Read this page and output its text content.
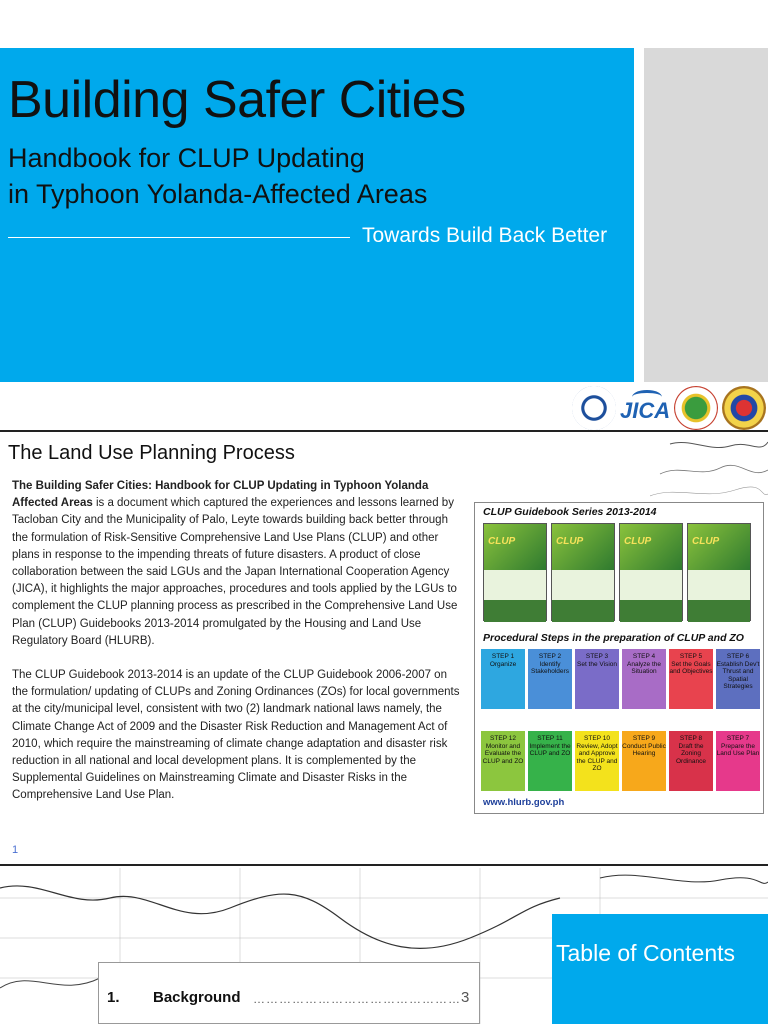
Building Safer Cities
Handbook for CLUP Updating
in Typhoon Yolanda-Affected Areas
Towards Build Back Better
JICA
The Land Use Planning Process

The Building Safer Cities: Handbook for CLUP Updating in Typhoon Yolanda Affected Areas is a document which captured the experiences and lessons learned by Tacloban City and the Municipality of Palo, Leyte towards building back better through the formulation of Risk-Sensitive Comprehensive Land Use Plans (CLUP) and other plans in response to the impending threats of future disasters. A product of close collaboration between the said LGUs and the Japan International Cooperation Agency (JICA), it highlights the major approaches, procedures and tools applied by the LGUs to complement the CLUP planning process as prescribed in the Comprehensive Land Use Plan (CLUP) Guidebooks 2013-2014 promulgated by the Housing and Land Use Regulatory Board (HLURB).

The CLUP Guidebook 2013-2014 is an update of the CLUP Guidebook 2006-2007 on the formulation/ updating of CLUPs and Zoning Ordinances (ZOs) for local governments at the city/municipal level, consistent with two (2) landmark national laws namely, the Climate Change Act of 2009 and the Disaster Risk Reduction and Management Act of 2010, which require the mainstreaming of climate change adaptation and disaster risk reduction in all national and local development plans. It is complemented by the Supplemental Guidelines on Mainstreaming Climate and Disaster Risks in the Comprehensive Land Use Plan.

1
CLUP Guidebook Series 2013-2014
CLUP	CLUP	CLUP	CLUP
Procedural Steps in the preparation of CLUP and ZO
STEP 1
Organize
STEP 2
Identify Stakeholders
STEP 3
Set the Vision
STEP 4
Analyze the Situation
STEP 5
Set the Goals and Objectives
STEP 6
Establish Dev't Thrust and Spatial Strategies
STEP 12
Monitor and Evaluate the CLUP and ZO
STEP 11
Implement the CLUP and ZO
STEP 10
Review, Adopt and Approve the CLUP and ZO
STEP 9
Conduct Public Hearing
STEP 8
Draft the Zoning Ordinance
STEP 7
Prepare the Land Use Plan
www.hlurb.gov.ph
Table of Contents
1. Background ………………………………………… 3
